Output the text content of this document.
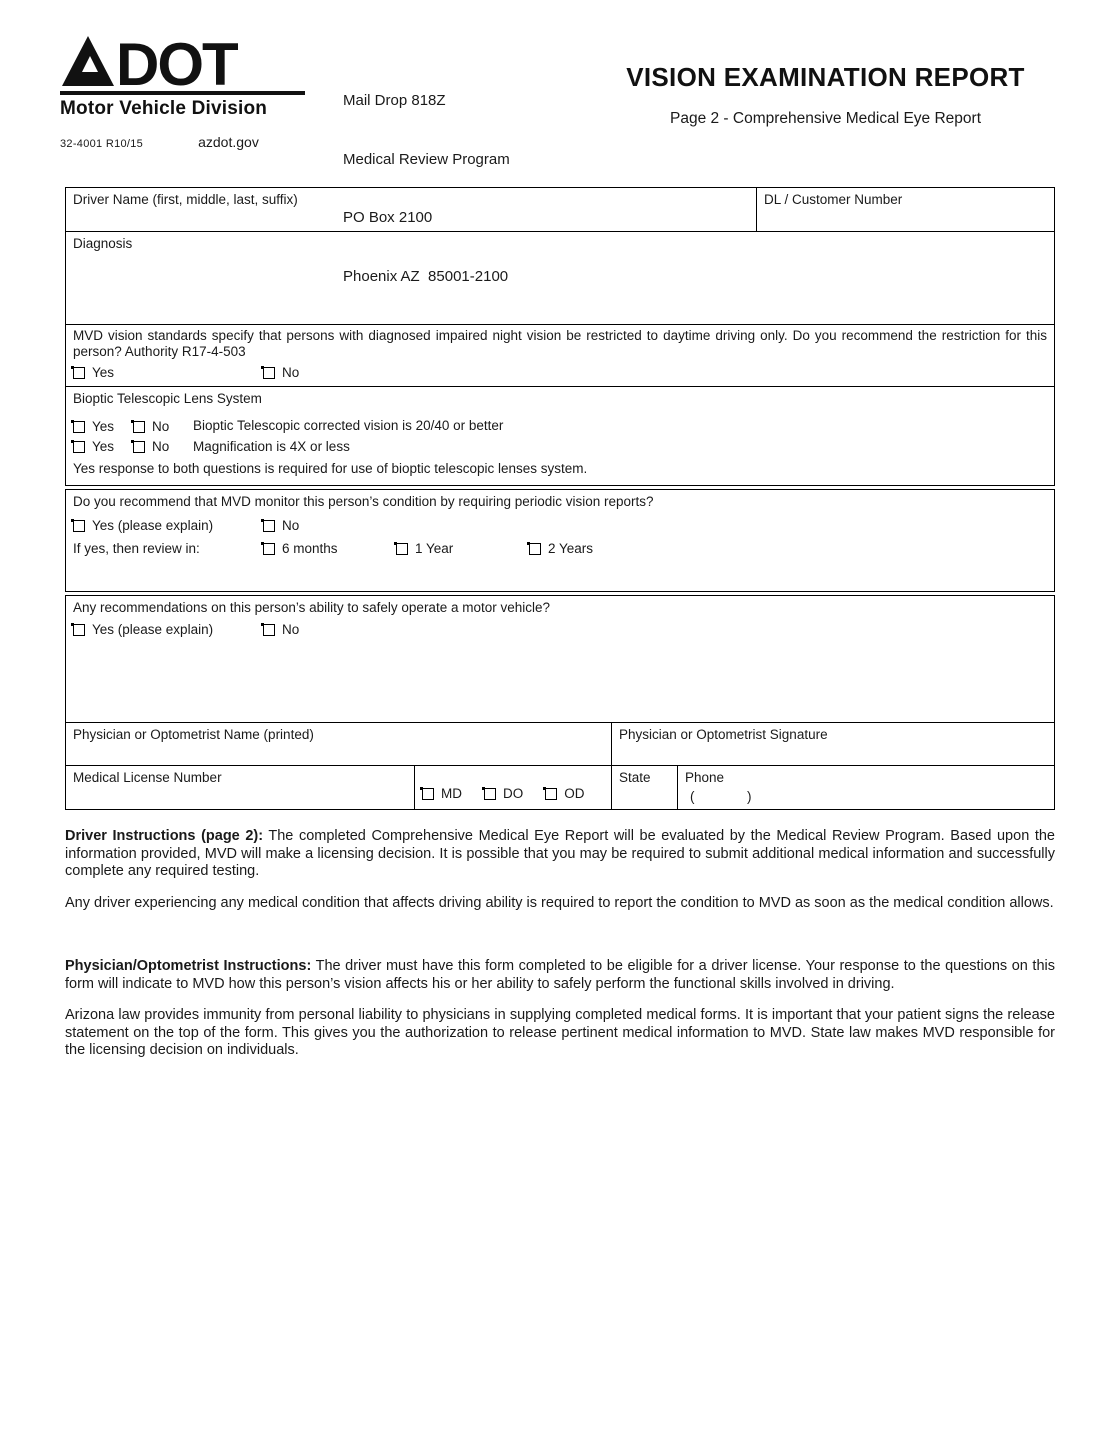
DOT
Motor Vehicle Division
32-4001 R10/15	azdot.gov

Mail Drop 818Z

Medical Review Program

PO Box 2100

Phoenix AZ  85001-2100

VISION EXAMINATION REPORT
Page 2 - Comprehensive Medical Eye Report
Driver Name (first, middle, last, suffix)	DL / Customer Number
Diagnosis
MVD vision standards specify that persons with diagnosed impaired night vision be restricted to daytime driving only. Do you recommend the restriction for this person? Authority R17-4-503
Yes	No
Bioptic Telescopic Lens System
Yes	No Bioptic Telescopic corrected vision is 20/40 or better
Yes	No Magnification is 4X or less
Yes response to both questions is required for use of bioptic telescopic lenses system.
Do you recommend that MVD monitor this person’s condition by requiring periodic vision reports?
Yes (please explain)	No
If yes, then review in:	6 months	1 Year	2 Years
Any recommendations on this person’s ability to safely operate a motor vehicle?
Yes (please explain)	No
Physician or Optometrist Name (printed)	Physician or Optometrist Signature
Medical License Number
MD	DO	OD
State	Phone
(              )

Driver Instructions (page 2): The completed Comprehensive Medical Eye Report will be evaluated by the Medical Review Program. Based upon the information provided, MVD will make a licensing decision. It is possible that you may be required to submit additional medical information and successfully complete any required testing.

Any driver experiencing any medical condition that affects driving ability is required to report the condition to MVD as soon as the medical condition allows.

Physician/Optometrist Instructions: The driver must have this form completed to be eligible for a driver license. Your response to the questions on this form will indicate to MVD how this person’s vision affects his or her ability to safely perform the functional skills involved in driving.

Arizona law provides immunity from personal liability to physicians in supplying completed medical forms. It is important that your patient signs the release statement on the top of the form. This gives you the authorization to release pertinent medical information to MVD. State law makes MVD responsible for the licensing decision on individuals.
